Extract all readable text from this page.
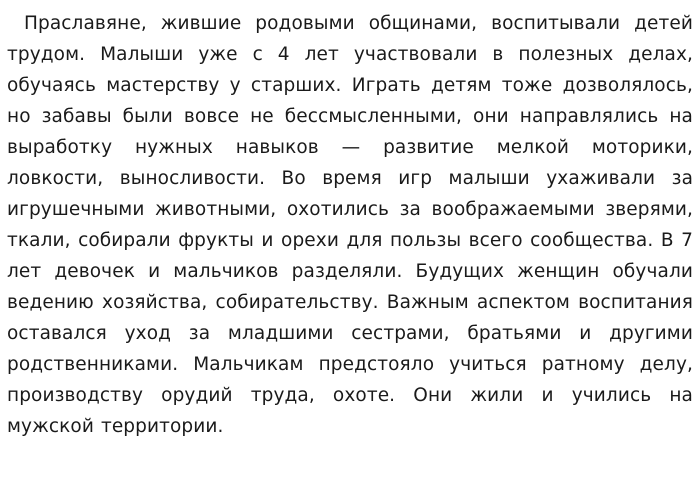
Праславяне, жившие родовыми общинами, воспитывали детей трудом. Малыши уже с 4 лет участвовали в полезных делах, обучаясь мастерству у старших. Играть детям тоже дозволялось, но забавы были вовсе не бессмысленными, они направлялись на выработку нужных навыков — развитие мелкой моторики, ловкости, выносливости. Во время игр малыши ухаживали за игрушечными животными, охотились за воображаемыми зверями, ткали, собирали фрукты и орехи для пользы всего сообщества. В 7 лет девочек и мальчиков разделяли. Будущих женщин обучали ведению хозяйства, собирательству. Важным аспектом воспитания оставался уход за младшими сестрами, братьями и другими родственниками. Мальчикам предстояло учиться ратному делу, производству орудий труда, охоте. Они жили и учились на мужской территории.
